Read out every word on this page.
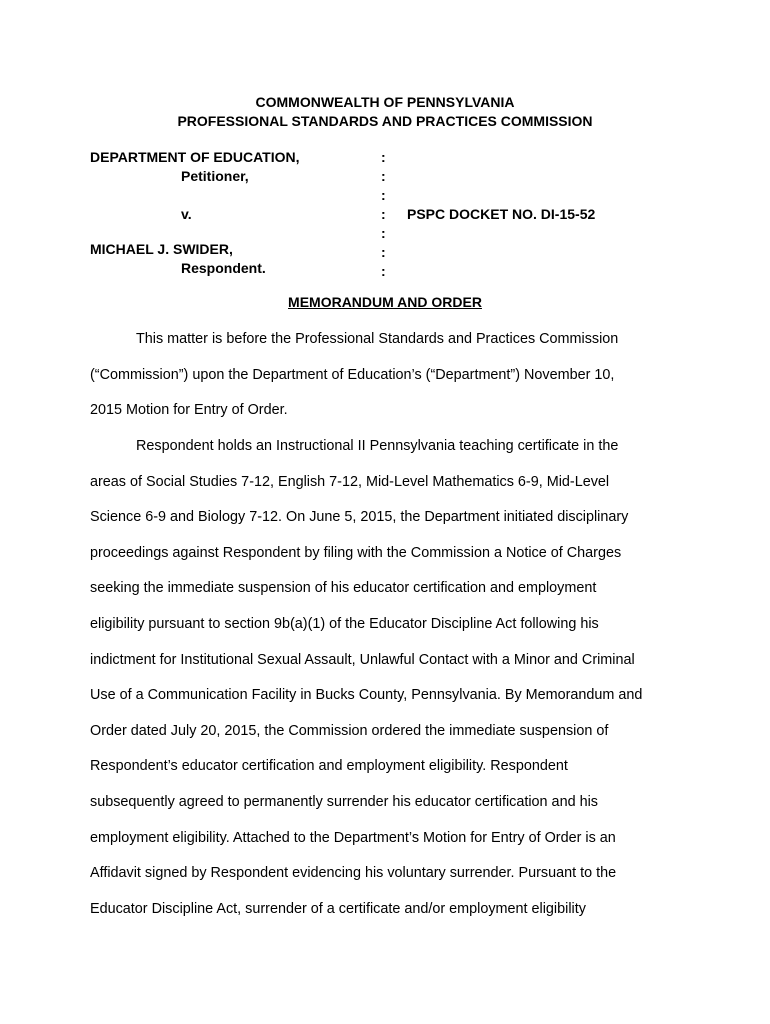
COMMONWEALTH OF PENNSYLVANIA
PROFESSIONAL STANDARDS AND PRACTICES COMMISSION
DEPARTMENT OF EDUCATION,
Petitioner,
v.
MICHAEL J. SWIDER,
Respondent.
:
:
:
:
:
:
:
PSPC DOCKET NO. DI-15-52
MEMORANDUM AND ORDER
This matter is before the Professional Standards and Practices Commission
(“Commission”) upon the Department of Education’s (“Department”) November 10,
2015 Motion for Entry of Order.
Respondent holds an Instructional II Pennsylvania teaching certificate in the
areas of Social Studies 7-12, English 7-12, Mid-Level Mathematics 6-9, Mid-Level
Science 6-9 and Biology 7-12. On June 5, 2015, the Department initiated disciplinary
proceedings against Respondent by filing with the Commission a Notice of Charges
seeking the immediate suspension of his educator certification and employment
eligibility pursuant to section 9b(a)(1) of the Educator Discipline Act following his
indictment for Institutional Sexual Assault, Unlawful Contact with a Minor and Criminal
Use of a Communication Facility in Bucks County, Pennsylvania. By Memorandum and
Order dated July 20, 2015, the Commission ordered the immediate suspension of
Respondent’s educator certification and employment eligibility. Respondent
subsequently agreed to permanently surrender his educator certification and his
employment eligibility. Attached to the Department’s Motion for Entry of Order is an
Affidavit signed by Respondent evidencing his voluntary surrender. Pursuant to the
Educator Discipline Act, surrender of a certificate and/or employment eligibility
